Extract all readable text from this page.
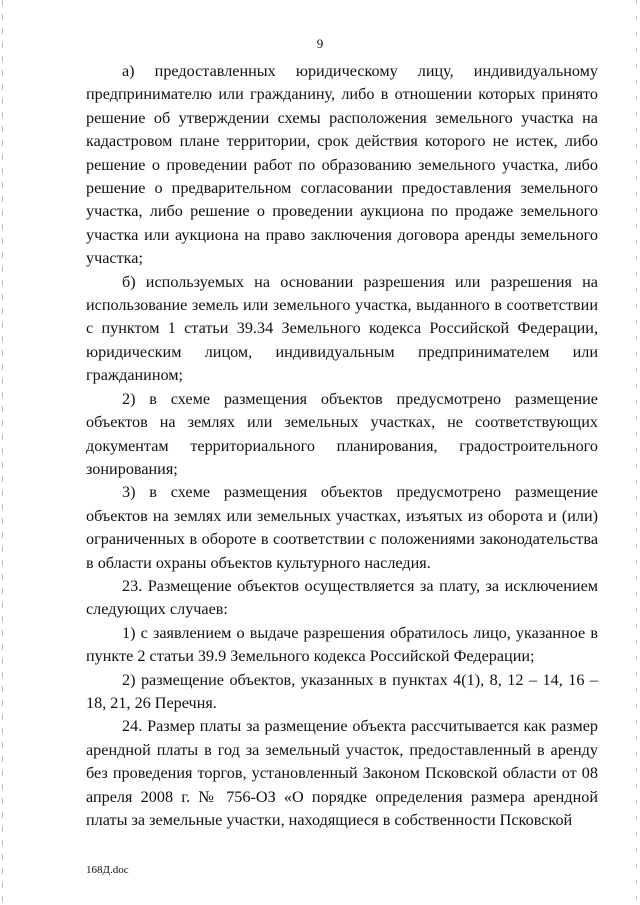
9

а) предоставленных юридическому лицу, индивидуальному предпринимателю или гражданину, либо в отношении которых принято решение об утверждении схемы расположения земельного участка на кадастровом плане территории, срок действия которого не истек, либо решение о проведении работ по образованию земельного участка, либо решение о предварительном согласовании предоставления земельного участка, либо решение о проведении аукциона по продаже земельного участка или аукциона на право заключения договора аренды земельного участка;

б) используемых на основании разрешения или разрешения на использование земель или земельного участка, выданного в соответствии с пунктом 1 статьи 39.34 Земельного кодекса Российской Федерации, юридическим лицом, индивидуальным предпринимателем или гражданином;

2) в схеме размещения объектов предусмотрено размещение объектов на землях или земельных участках, не соответствующих документам территориального планирования, градостроительного зонирования;

3) в схеме размещения объектов предусмотрено размещение объектов на землях или земельных участках, изъятых из оборота и (или) ограниченных в обороте в соответствии с положениями законодательства в области охраны объектов культурного наследия.

23. Размещение объектов осуществляется за плату, за исключением следующих случаев:

1) с заявлением о выдаче разрешения обратилось лицо, указанное в пункте 2 статьи 39.9 Земельного кодекса Российской Федерации;

2) размещение объектов, указанных в пунктах 4(1), 8, 12 – 14, 16 – 18, 21, 26 Перечня.

24. Размер платы за размещение объекта рассчитывается как размер арендной платы в год за земельный участок, предоставленный в аренду без проведения торгов, установленный Законом Псковской области от 08 апреля 2008 г. № 756-ОЗ «О порядке определения размера арендной платы за земельные участки, находящиеся в собственности Псковской

168Д.doc
